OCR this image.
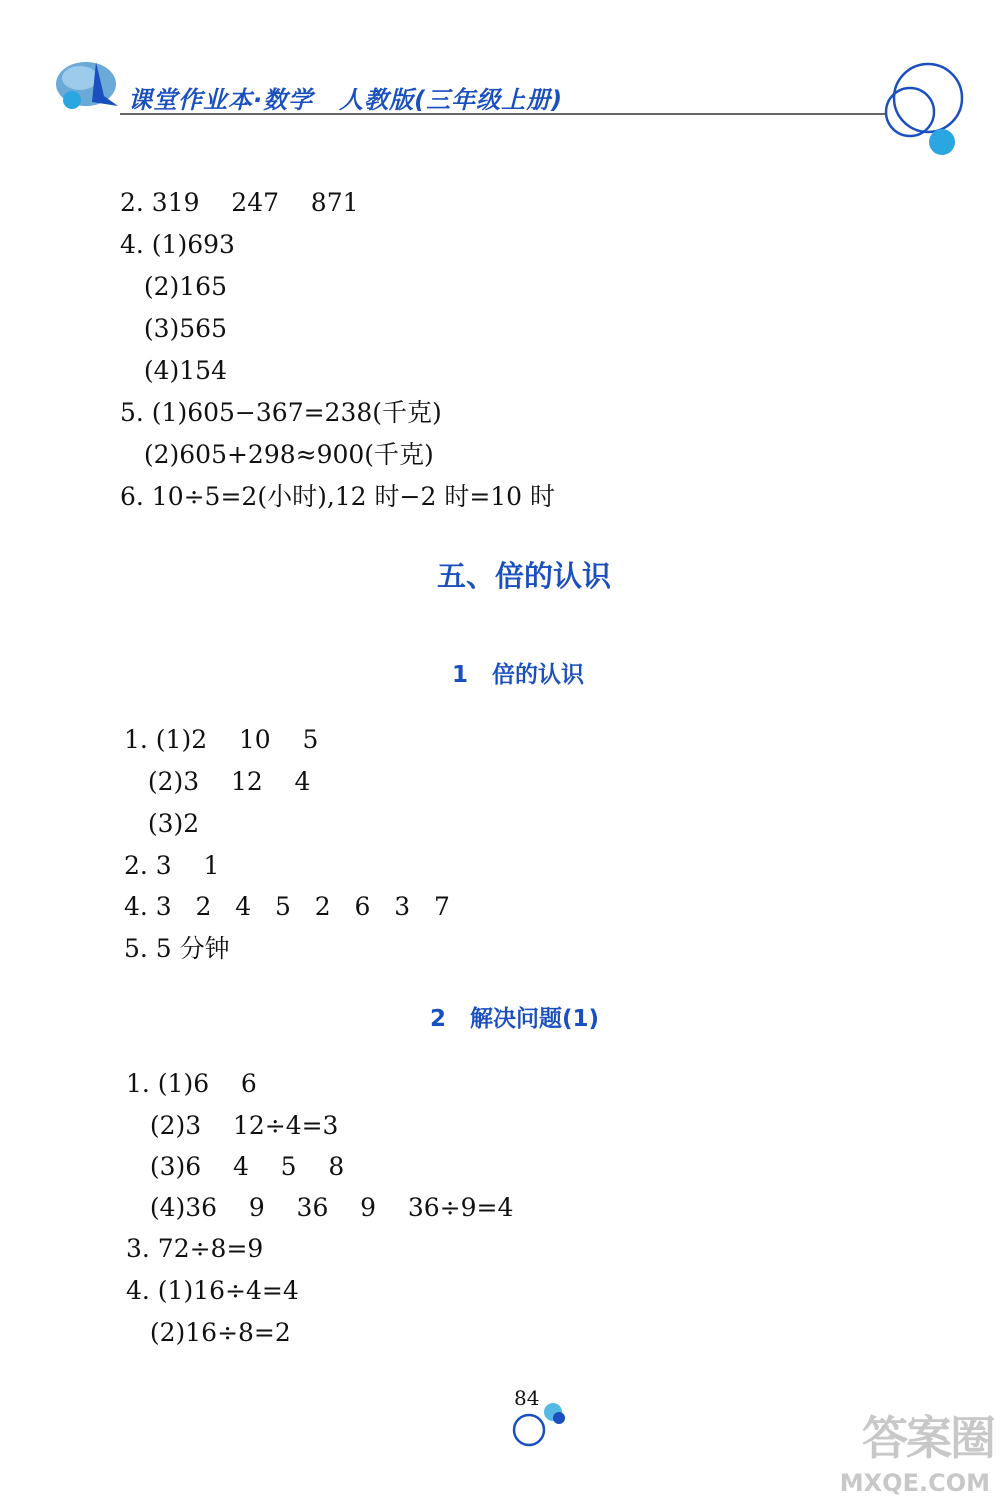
课堂作业本·数学 人教版(三年级上册)
2. 319    247    871
4. (1)693
(2)165
(3)565
(4)154
5. (1)605−367=238(千克)
(2)605+298≈900(千克)
6. 10÷5=2(小时),12 时−2 时=10 时
五、倍的认识
1 倍的认识
1. (1)2    10    5
(2)3    12    4
(3)2
2. 3    1
4. 3   2   4   5   2   6   3   7
5. 5 分钟
2 解决问题(1)
1. (1)6    6
(2)3    12÷4=3
(3)6    4    5    8
(4)36    9    36    9    36÷9=4
3. 72÷8=9
4. (1)16÷4=4
(2)16÷8=2
84
答案圈
MXQE.COM
